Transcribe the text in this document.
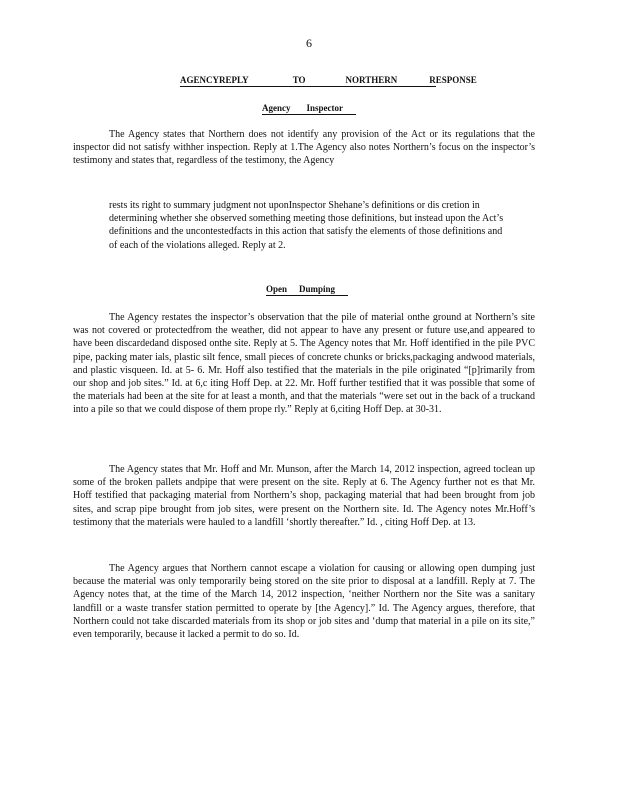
6
AGENCYREPLY	TO	NORTHERN	RESPONSE
Agency Inspector
The Agency states that Northern does not identify any provision of the Act or its regulations that the inspector did not satisfy withher inspection. Reply at 1.The Agency also notes Northern’s focus on the inspector’s testimony and states that, regardless of the testimony, the Agency
rests its right to summary judgment not uponInspector Shehane’s definitions or dis cretion in determining whether she observed something meeting those definitions, but instead upon the Act’s definitions and the uncontestedfacts in this action that satisfy the elements of those definitions and of each of the violations alleged. Reply at 2.
Open Dumping
The Agency restates the inspector’s observation that the pile of material onthe ground at Northern’s site was not covered or protectedfrom the weather, did not appear to have any present or future use,and appeared to have been discardedand disposed onthe site. Reply at 5. The Agency notes that Mr. Hoff identified in the pile PVC pipe, packing mater ials, plastic silt fence, small pieces of concrete chunks or bricks,packaging andwood materials, and plastic visqueen. Id. at 5- 6. Mr. Hoff also testified that the materials in the pile originated “[p]rimarily from our shop and job sites.” Id. at 6,c iting Hoff Dep. at 22. Mr. Hoff further testified that it was possible that some of the materials had been at the site for at least a month, and that the materials “were set out in the back of a truckand into a pile so that we could dispose of them prope rly.” Reply at 6,citing Hoff Dep. at 30-31.
The Agency states that Mr. Hoff and Mr. Munson, after the March 14, 2012 inspection, agreed toclean up some of the broken pallets andpipe that were present on the site. Reply at 6. The Agency further not es that Mr. Hoff testified that packaging material from Northern’s shop, packaging material that had been brought from job sites, and scrap pipe brought from job sites, were present on the Northern site. Id. The Agency notes Mr.Hoff’s testimony that the materials were hauled to a landfill ‘shortly thereafter.” Id. , citing Hoff Dep. at 13.
The Agency argues that Northern cannot escape a violation for causing or allowing open dumping just because the material was only temporarily being stored on the site prior to disposal at a landfill. Reply at 7. The Agency notes that, at the time of the March 14, 2012 inspection, ‘neither Northern nor the Site was a sanitary landfill or a waste transfer station permitted to operate by [the Agency].” Id. The Agency argues, therefore, that Northern could not take discarded materials from its shop or job sites and ‘dump that material in a pile on its site,” even temporarily, because it lacked a permit to do so. Id.
